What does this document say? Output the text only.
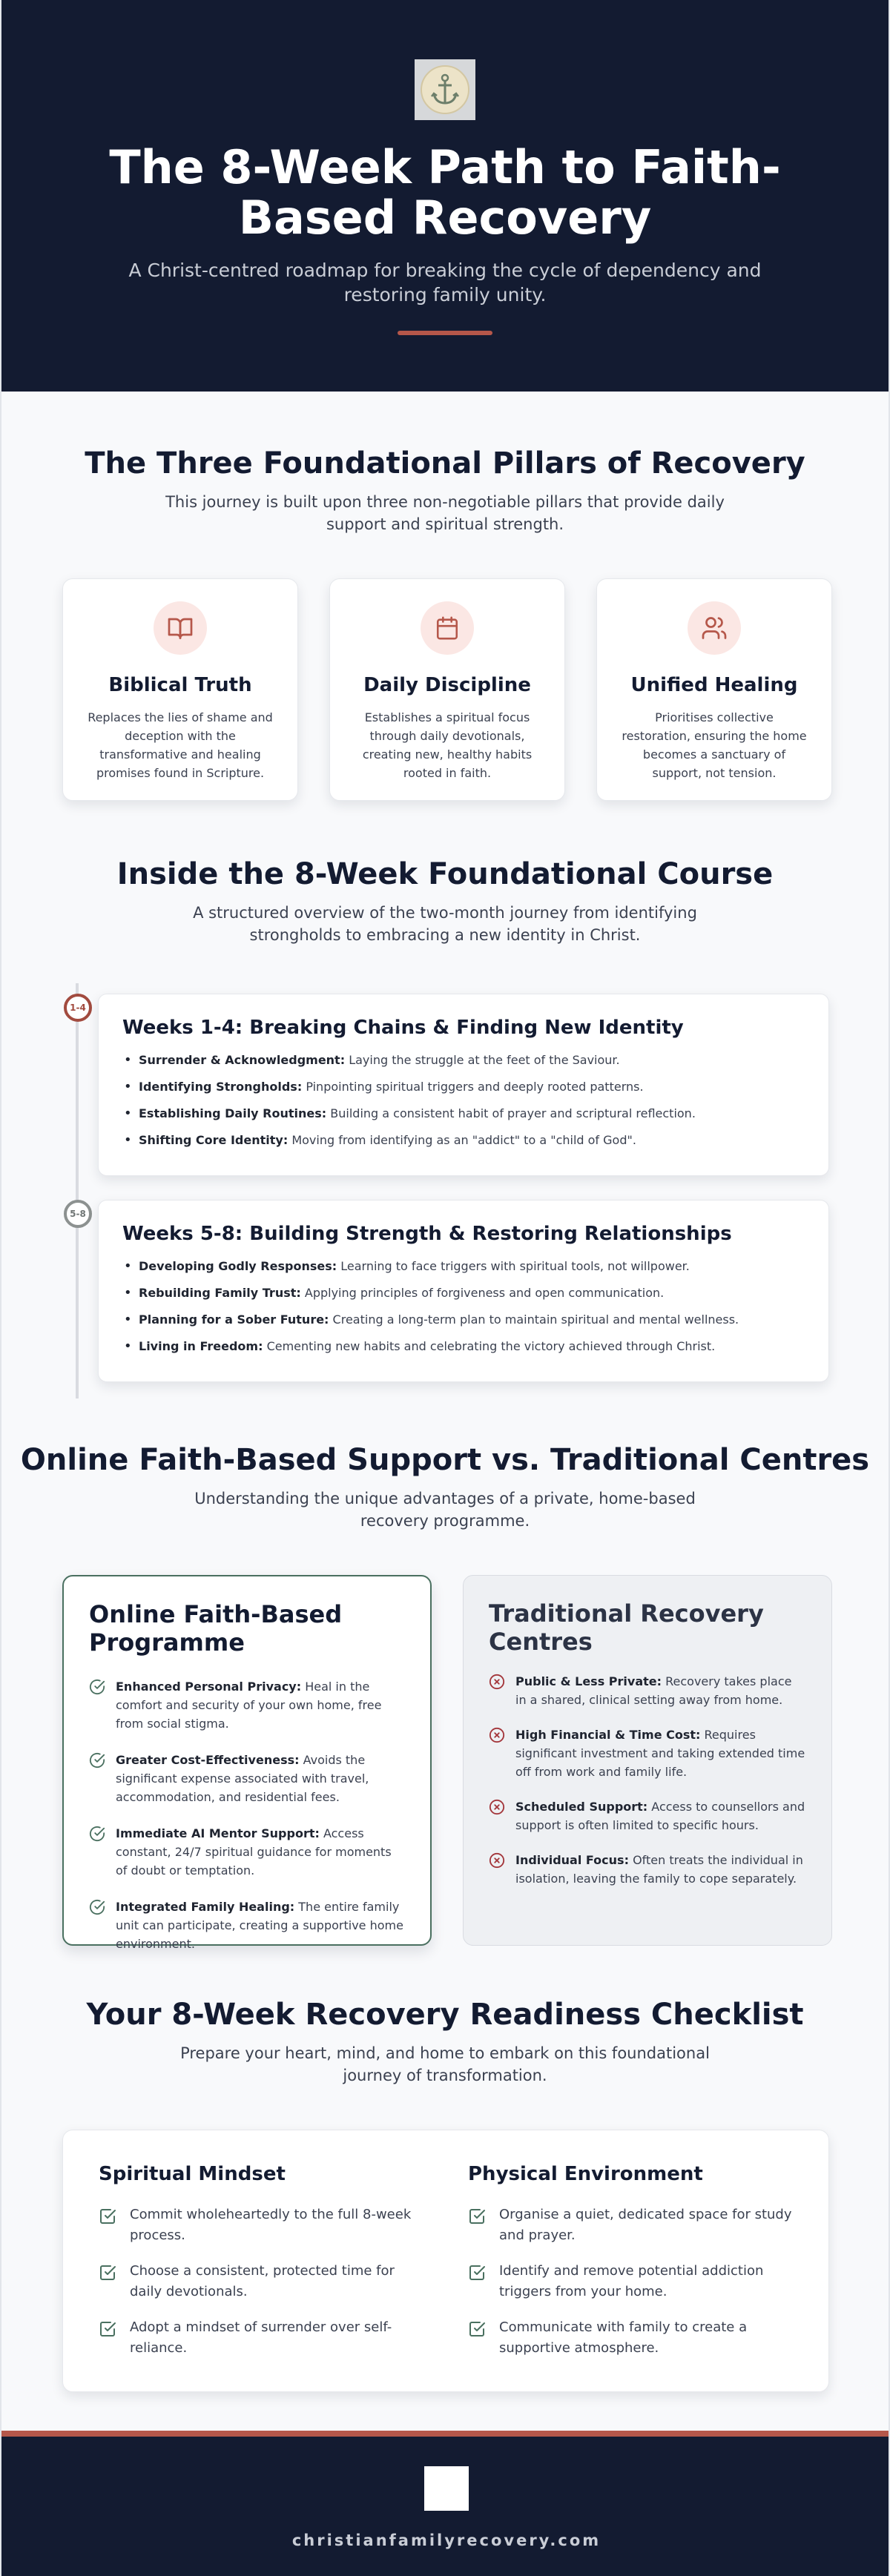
The 8-Week Path to Faith-Based Recovery

A Christ-centred roadmap for breaking the cycle of dependency and restoring family unity.

The Three Foundational Pillars of Recovery

This journey is built upon three non-negotiable pillars that provide daily support and spiritual strength.

Biblical Truth

Replaces the lies of shame and deception with the transformative and healing promises found in Scripture.

Daily Discipline

Establishes a spiritual focus through daily devotionals, creating new, healthy habits rooted in faith.

Unified Healing

Prioritises collective restoration, ensuring the home becomes a sanctuary of support, not tension.

Inside the 8-Week Foundational Course

A structured overview of the two-month journey from identifying strongholds to embracing a new identity in Christ.

1-4
5-8
Weeks 1-4: Breaking Chains & Finding New Identity
• Surrender & Acknowledgment: Laying the struggle at the feet of the Saviour.
• Identifying Strongholds: Pinpointing spiritual triggers and deeply rooted patterns.
• Establishing Daily Routines: Building a consistent habit of prayer and scriptural reflection.
• Shifting Core Identity: Moving from identifying as an "addict" to a "child of God".
Weeks 5-8: Building Strength & Restoring Relationships
• Developing Godly Responses: Learning to face triggers with spiritual tools, not willpower.
• Rebuilding Family Trust: Applying principles of forgiveness and open communication.
• Planning for a Sober Future: Creating a long-term plan to maintain spiritual and mental wellness.
• Living in Freedom: Cementing new habits and celebrating the victory achieved through Christ.
Online Faith-Based Support vs. Traditional Centres

Understanding the unique advantages of a private, home-based recovery programme.

Online Faith-Based Programme

Enhanced Personal Privacy: Heal in the comfort and security of your own home, free from social stigma.

Greater Cost-Effectiveness: Avoids the significant expense associated with travel, accommodation, and residential fees.

Immediate AI Mentor Support: Access constant, 24/7 spiritual guidance for moments of doubt or temptation.

Integrated Family Healing: The entire family unit can participate, creating a supportive home environment.

Traditional Recovery Centres

Public & Less Private: Recovery takes place in a shared, clinical setting away from home.

High Financial & Time Cost: Requires significant investment and taking extended time off from work and family life.

Scheduled Support: Access to counsellors and support is often limited to specific hours.

Individual Focus: Often treats the individual in isolation, leaving the family to cope separately.

Your 8-Week Recovery Readiness Checklist

Prepare your heart, mind, and home to embark on this foundational journey of transformation.

Spiritual Mindset

Commit wholeheartedly to the full 8-week process.

Choose a consistent, protected time for daily devotionals.

Adopt a mindset of surrender over self-reliance.

Physical Environment

Organise a quiet, dedicated space for study and prayer.

Identify and remove potential addiction triggers from your home.

Communicate with family to create a supportive atmosphere.

christianfamilyrecovery.com
